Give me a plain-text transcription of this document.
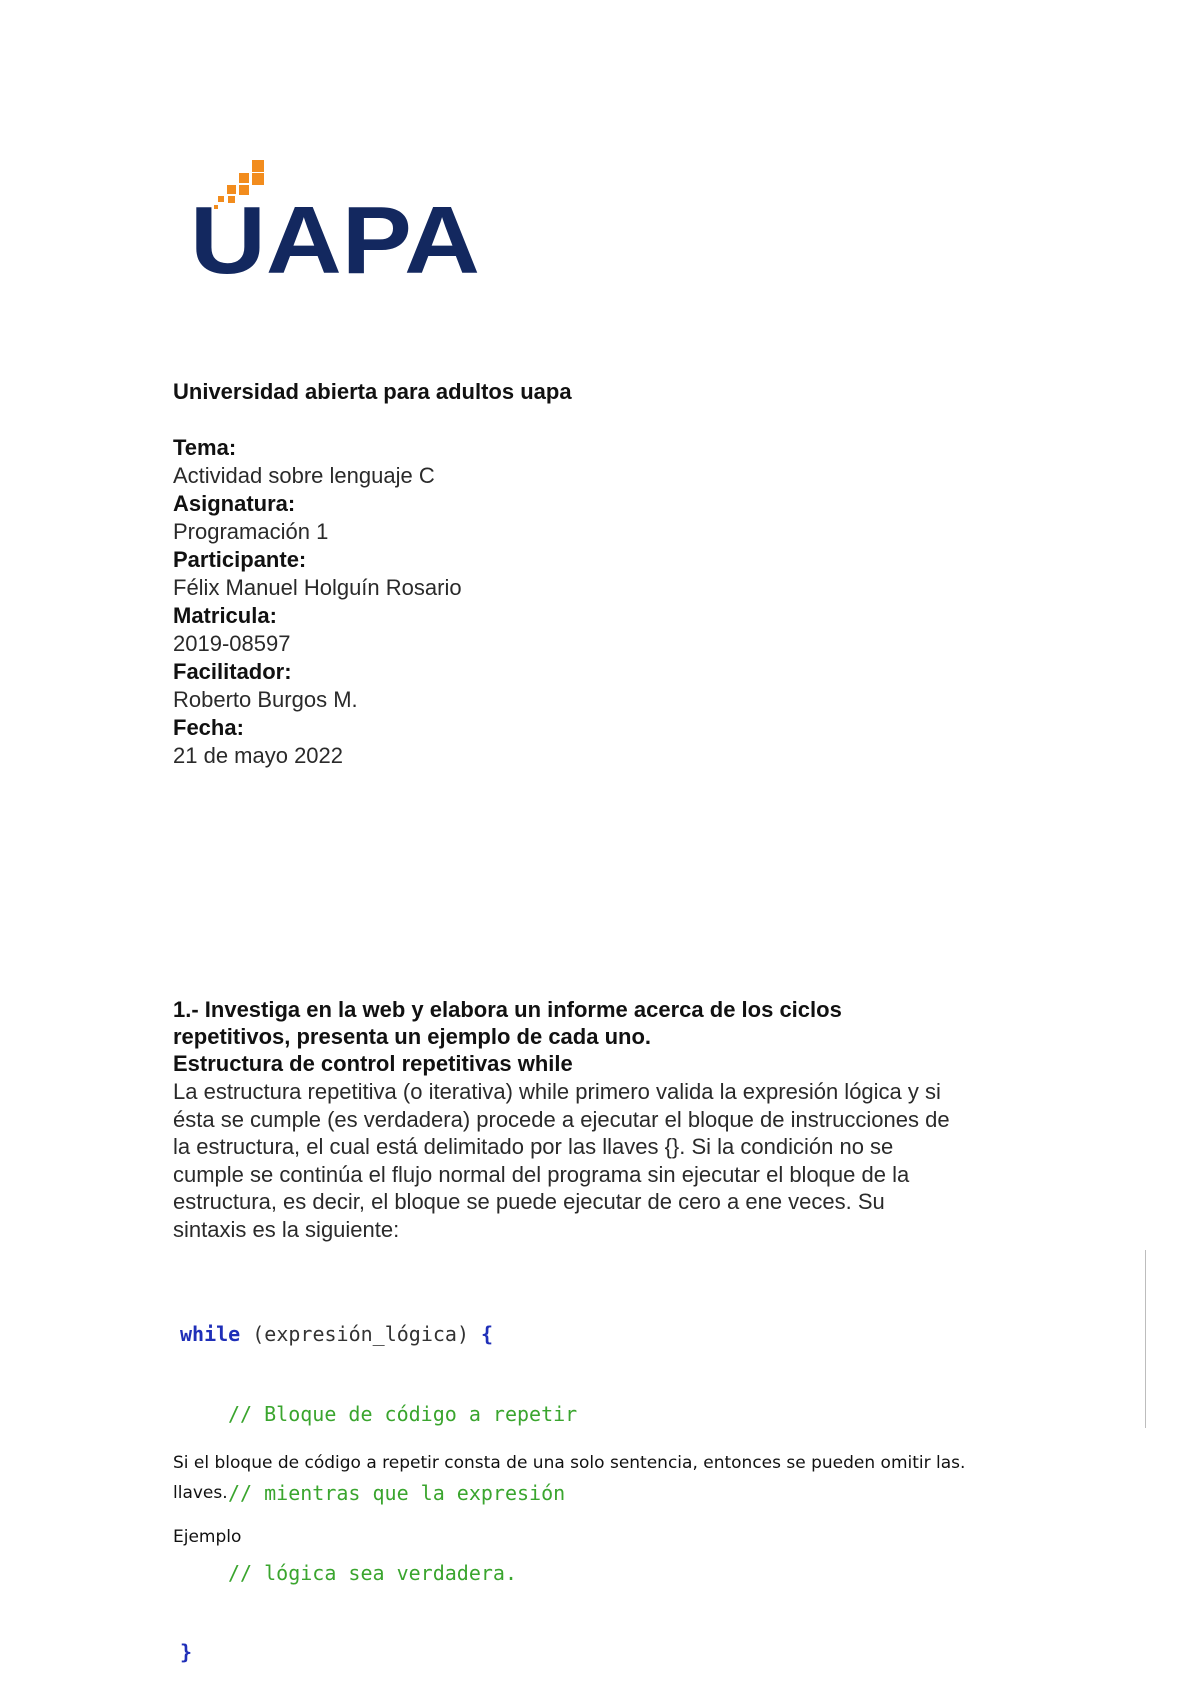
UAPA

Universidad abierta para adultos uapa

Tema:

Actividad sobre lenguaje C

Asignatura:

Programación 1

Participante:

Félix Manuel Holguín Rosario

Matricula:

2019-08597

Facilitador:

Roberto Burgos M.

Fecha:

21 de mayo 2022

1.- Investiga en la web y elabora un informe acerca de los ciclos

repetitivos, presenta un ejemplo de cada uno.

Estructura de control repetitivas while

La estructura repetitiva (o iterativa) while primero valida la expresión lógica y si

ésta se cumple (es verdadera) procede a ejecutar el bloque de instrucciones de

la estructura, el cual está delimitado por las llaves {}. Si la condición no se

cumple se continúa el flujo normal del programa sin ejecutar el bloque de la

estructura, es decir, el bloque se puede ejecutar de cero a ene veces. Su

sintaxis es la siguiente:

while (expresión_lógica) {

// Bloque de código a repetir

// mientras que la expresión

// lógica sea verdadera.

}

Si el bloque de código a repetir consta de una solo sentencia, entonces se pueden omitir las.
llaves.

Ejemplo
